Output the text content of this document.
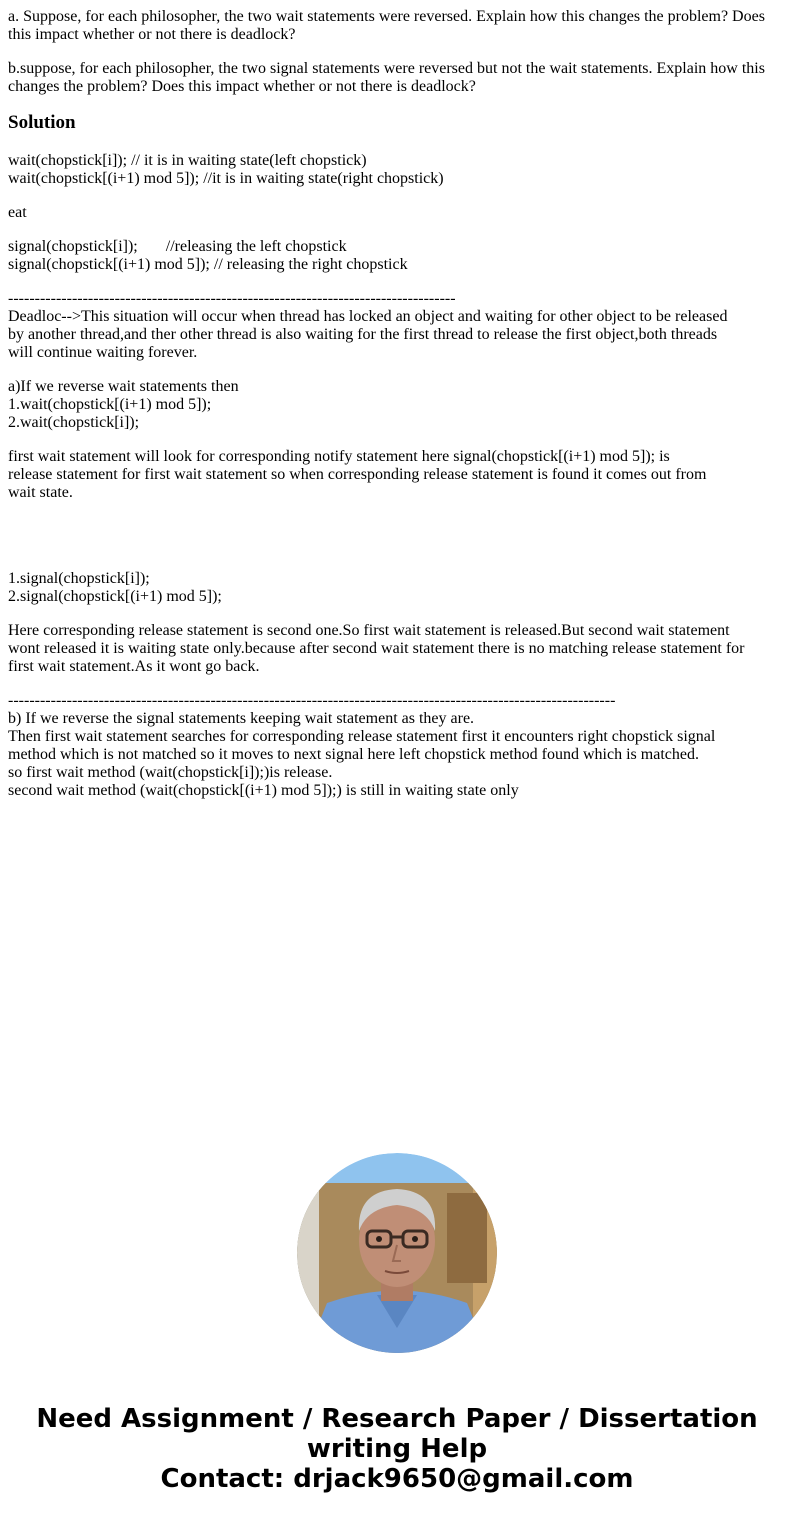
a. Suppose, for each philosopher, the two wait statements were reversed. Explain how this changes the problem? Does
this impact whether or not there is deadlock?
b.suppose, for each philosopher, the two signal statements were reversed but not the wait statements. Explain how this
changes the problem? Does this impact whether or not there is deadlock?
Solution
wait(chopstick[i]); // it is in waiting state(left chopstick)
wait(chopstick[(i+1) mod 5]); //it is in waiting state(right chopstick)
eat
signal(chopstick[i]);       //releasing the left chopstick
signal(chopstick[(i+1) mod 5]); // releasing the right chopstick
------------------------------------------------------------------------------------
Deadloc-->This situation will occur when thread has locked an object and waiting for other object to be released
by another thread,and ther other thread is also waiting for the first thread to release the first object,both threads
will continue waiting forever.
a)If we reverse wait statements then
1.wait(chopstick[(i+1) mod 5]);
2.wait(chopstick[i]);
first wait statement will look for corresponding notify statement here signal(chopstick[(i+1) mod 5]); is
release statement for first wait statement so when corresponding release statement is found it comes out from
wait state.
1.signal(chopstick[i]);
2.signal(chopstick[(i+1) mod 5]);
Here corresponding release statement is second one.So first wait statement is released.But second wait statement
wont released it is waiting state only.because after second wait statement there is no matching release statement for
first wait statement.As it wont go back.
------------------------------------------------------------------------------------------------------------------
b) If we reverse the signal statements keeping wait statement as they are.
Then first wait statement searches for corresponding release statement first it encounters right chopstick signal
method which is not matched so it moves to next signal here left chopstick method found which is matched.
so first wait method (wait(chopstick[i]);)is release.
second wait method (wait(chopstick[(i+1) mod 5]);) is still in waiting state only
Need Assignment / Research Paper / Dissertation
writing Help
Contact: drjack9650@gmail.com
